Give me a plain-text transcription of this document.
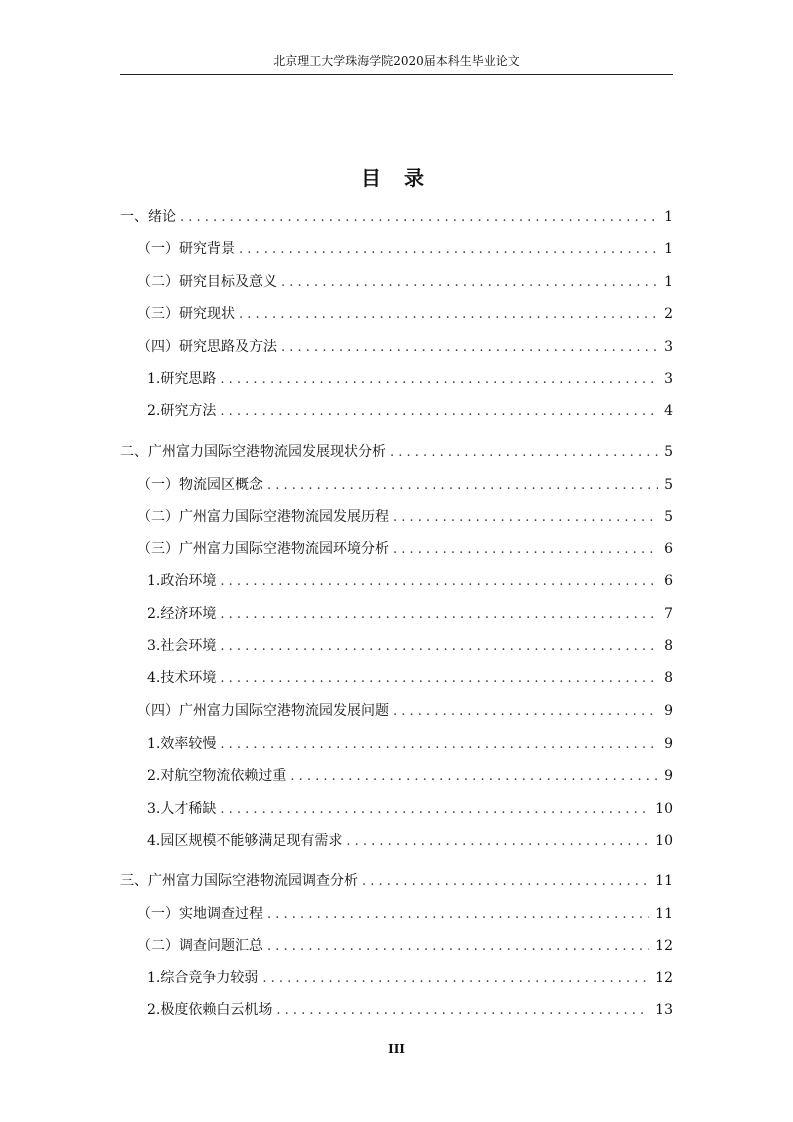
北京理工大学珠海学院2020届本科生毕业论文
目 录
一、绪论 . . .	1
（一）研究背景 . . .	1
（二）研究目标及意义 . . .	1
（三）研究现状 . . .	2
（四）研究思路及方法 . . .	3
1.研究思路 . . .	3
2.研究方法 . . .	4
二、广州富力国际空港物流园发展现状分析 . . .	5
（一）物流园区概念 . . .	5
（二）广州富力国际空港物流园发展历程 . . .	5
（三）广州富力国际空港物流园环境分析 . . .	6
1.政治环境 . . .	6
2.经济环境 . . .	7
3.社会环境 . . .	8
4.技术环境 . . .	8
（四）广州富力国际空港物流园发展问题 . . .	9
1.效率较慢 . . .	9
2.对航空物流依赖过重 . . .	9
3.人才稀缺 . . .	10
4.园区规模不能够满足现有需求 . . .	10
三、广州富力国际空港物流园调查分析 . . .	11
（一）实地调查过程 . . .	11
（二）调查问题汇总 . . .	12
1.综合竞争力较弱 . . .	12
2.极度依赖白云机场 . . .	13
III
